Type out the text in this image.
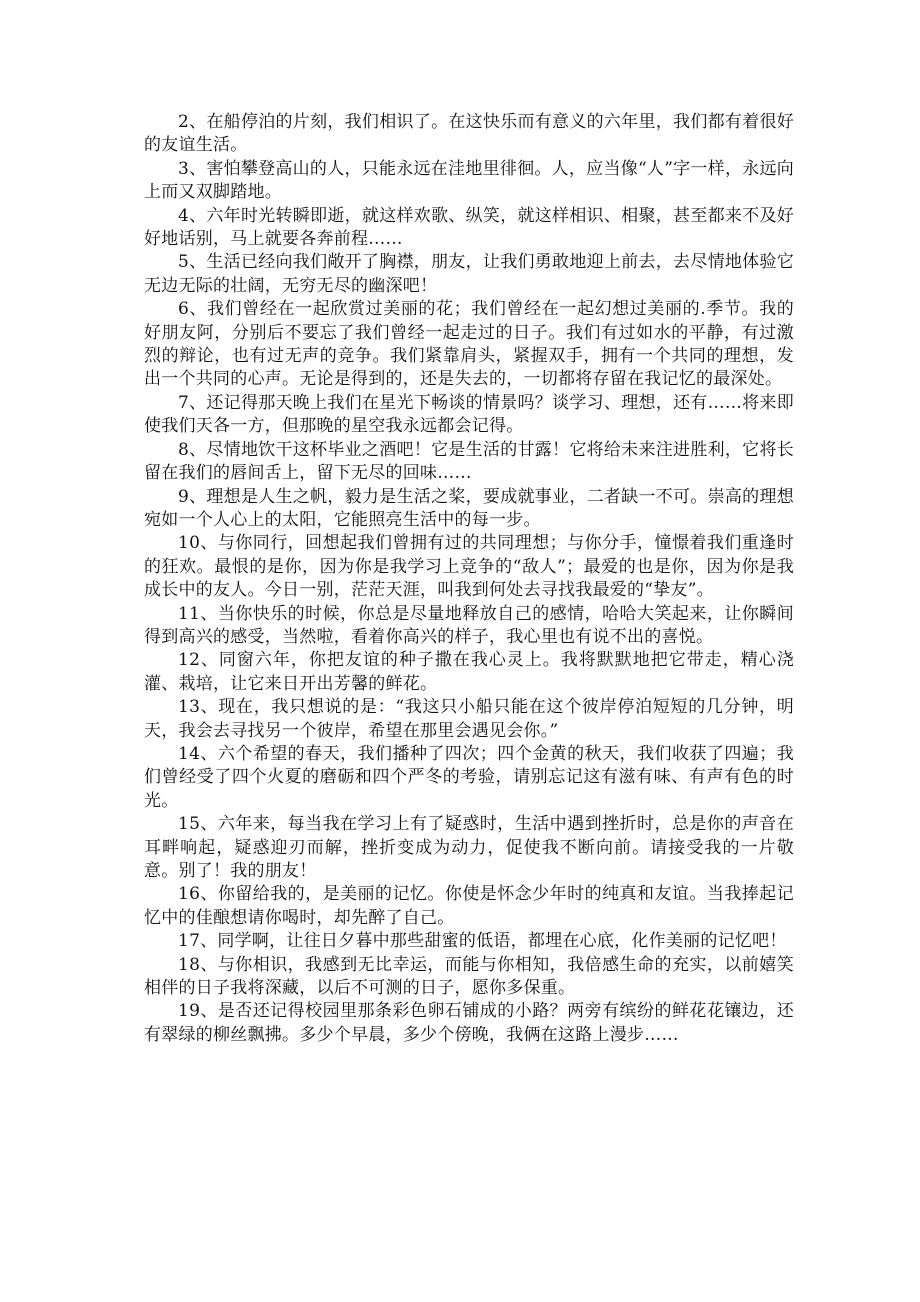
2、在船停泊的片刻，我们相识了。在这快乐而有意义的六年里，我们都有着很好的友谊生活。

3、害怕攀登高山的人，只能永远在洼地里徘徊。人，应当像“人”字一样，永远向上而又双脚踏地。

4、六年时光转瞬即逝，就这样欢歌、纵笑，就这样相识、相聚，甚至都来不及好好地话别，马上就要各奔前程……

5、生活已经向我们敞开了胸襟，朋友，让我们勇敢地迎上前去，去尽情地体验它无边无际的壮阔，无穷无尽的幽深吧！

6、我们曾经在一起欣赏过美丽的花；我们曾经在一起幻想过美丽的.季节。我的好朋友阿，分别后不要忘了我们曾经一起走过的日子。我们有过如水的平静，有过激烈的辩论，也有过无声的竞争。我们紧靠肩头，紧握双手，拥有一个共同的理想，发出一个共同的心声。无论是得到的，还是失去的，一切都将存留在我记忆的最深处。

7、还记得那天晚上我们在星光下畅谈的情景吗？谈学习、理想，还有……将来即使我们天各一方，但那晚的星空我永远都会记得。

8、尽情地饮干这杯毕业之酒吧！它是生活的甘露！它将给未来注进胜利，它将长留在我们的唇间舌上，留下无尽的回味……

9、理想是人生之帆，毅力是生活之桨，要成就事业，二者缺一不可。崇高的理想宛如一个人心上的太阳，它能照亮生活中的每一步。

10、与你同行，回想起我们曾拥有过的共同理想；与你分手，憧憬着我们重逢时的狂欢。最恨的是你，因为你是我学习上竞争的“敌人”；最爱的也是你，因为你是我成长中的友人。今日一别，茫茫天涯，叫我到何处去寻找我最爱的“挚友”。

11、当你快乐的时候，你总是尽量地释放自己的感情，哈哈大笑起来，让你瞬间得到高兴的感受，当然啦，看着你高兴的样子，我心里也有说不出的喜悦。

12、同窗六年，你把友谊的种子撒在我心灵上。我将默默地把它带走，精心浇灌、栽培，让它来日开出芳馨的鲜花。

13、现在，我只想说的是：“我这只小船只能在这个彼岸停泊短短的几分钟，明天，我会去寻找另一个彼岸，希望在那里会遇见会你。”

14、六个希望的春天，我们播种了四次；四个金黄的秋天，我们收获了四遍；我们曾经受了四个火夏的磨砺和四个严冬的考验，请别忘记这有滋有味、有声有色的时光。

15、六年来，每当我在学习上有了疑惑时，生活中遇到挫折时，总是你的声音在耳畔响起，疑惑迎刃而解，挫折变成为动力，促使我不断向前。请接受我的一片敬意。别了！我的朋友！

16、你留给我的，是美丽的记忆。你使是怀念少年时的纯真和友谊。当我捧起记忆中的佳酿想请你喝时，却先醉了自己。

17、同学啊，让往日夕暮中那些甜蜜的低语，都埋在心底，化作美丽的记忆吧！

18、与你相识，我感到无比幸运，而能与你相知，我倍感生命的充实，以前嬉笑相伴的日子我将深藏，以后不可测的日子，愿你多保重。

19、是否还记得校园里那条彩色卵石铺成的小路？两旁有缤纷的鲜花花镶边，还有翠绿的柳丝飘拂。多少个早晨，多少个傍晚，我俩在这路上漫步……
